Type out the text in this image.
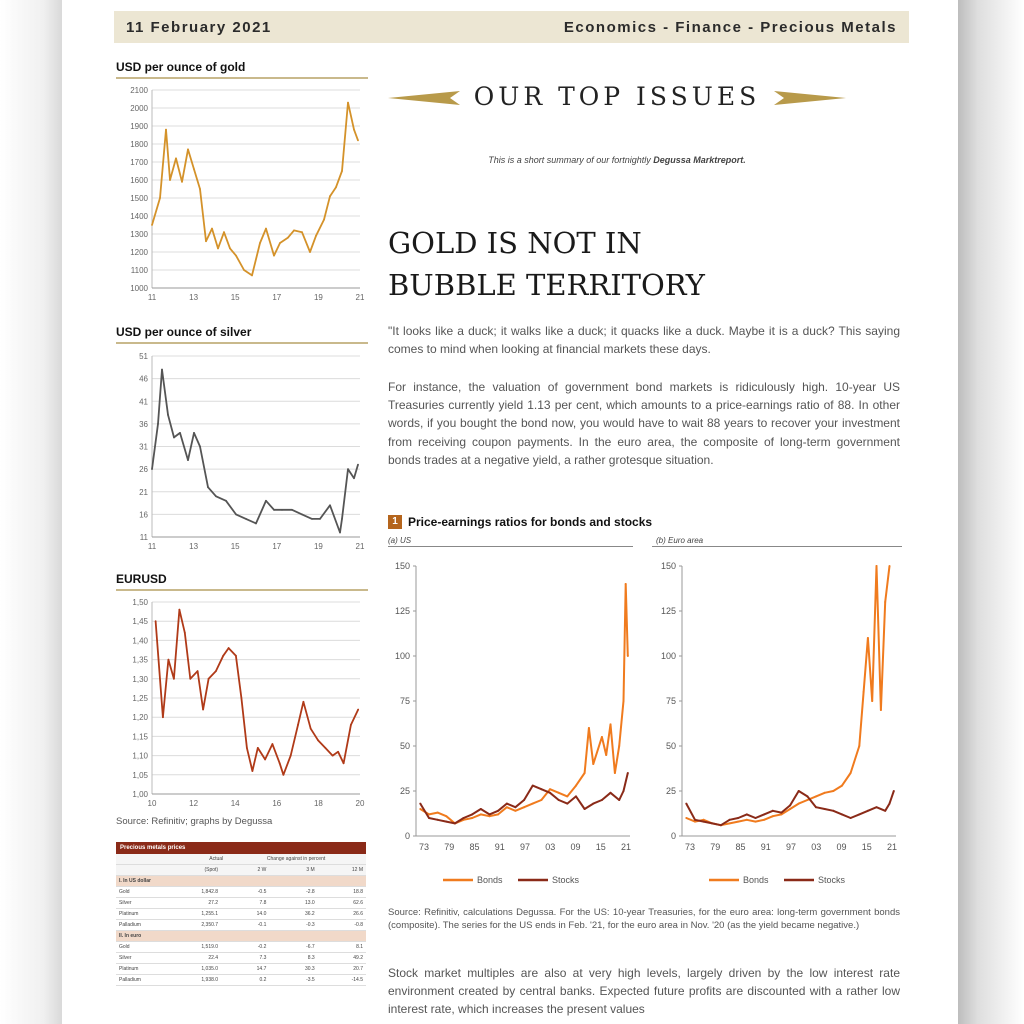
11 February 2021	Economics - Finance - Precious Metals
USD per ounce of gold
2100
2000
1900
1800
1700
1600
1500
1400
1300
1200
1100
1000
11	13	15	17	19	21
USD per ounce of silver
51
46
41
36
31
26
21
16
11
11	13	15	17	19	21
EURUSD
1,50
1,45
1,40
1,35
1,30
1,25
1,20
1,15
1,10
1,05
1,00
10	12	14	16	18	20
Source: Refinitiv; graphs by Degussa
Precious metals prices
Actual	Change against in percent
(Spot)	2 W	3 M	12 M
I. In US dollar
Gold	1,842.8	-0.5	-2.8	18.8
Silver	27.2	7.8	13.0	62.6
Platinum	1,255.1	14.0	36.2	26.6
Palladium	2,350.7	-0.1	-0.3	-0.8
II. In euro
Gold	1,519.0	-0.2	-6.7	8.1
Silver	22.4	7.3	8.3	49.2
Platinum	1,035.0	14.7	30.3	20.7
Palladium	1,938.0	0.2	-3.5	-14.5
OUR TOP ISSUES
This is a short summary of our fortnightly Degussa Marktreport.
GOLD IS NOT IN
BUBBLE TERRITORY
"It looks like a duck; it walks like a duck; it quacks like a duck. Maybe it is a duck? This saying comes to mind when looking at financial markets these days.
For instance, the valuation of government bond markets is ridiculously high. 10-year US Treasuries currently yield 1.13 per cent, which amounts to a price-earnings ratio of 88. In other words, if you bought the bond now, you would have to wait 88 years to recover your investment from receiving coupon payments. In the euro area, the composite of long-term government bonds trades at a negative yield, a rather grotesque situation.
1 Price-earnings ratios for bonds and stocks
(a) US	(b) Euro area
150
125
100
75
50
25
0
73 79 85 91 97 03 09 15 21
Bonds	Stocks
150
125
100
75
50
25
0
73 79 85 91 97 03 09 15 21
Bonds	Stocks
Source: Refinitiv, calculations Degussa. For the US: 10-year Treasuries, for the euro area: long-term government bonds (composite). The series for the US ends in Feb. '21, for the euro area in Nov. '20 (as the yield became negative.)
Stock market multiples are also at very high levels, largely driven by the low interest rate environment created by central banks. Expected future profits are discounted with a rather low interest rate, which increases the present values
